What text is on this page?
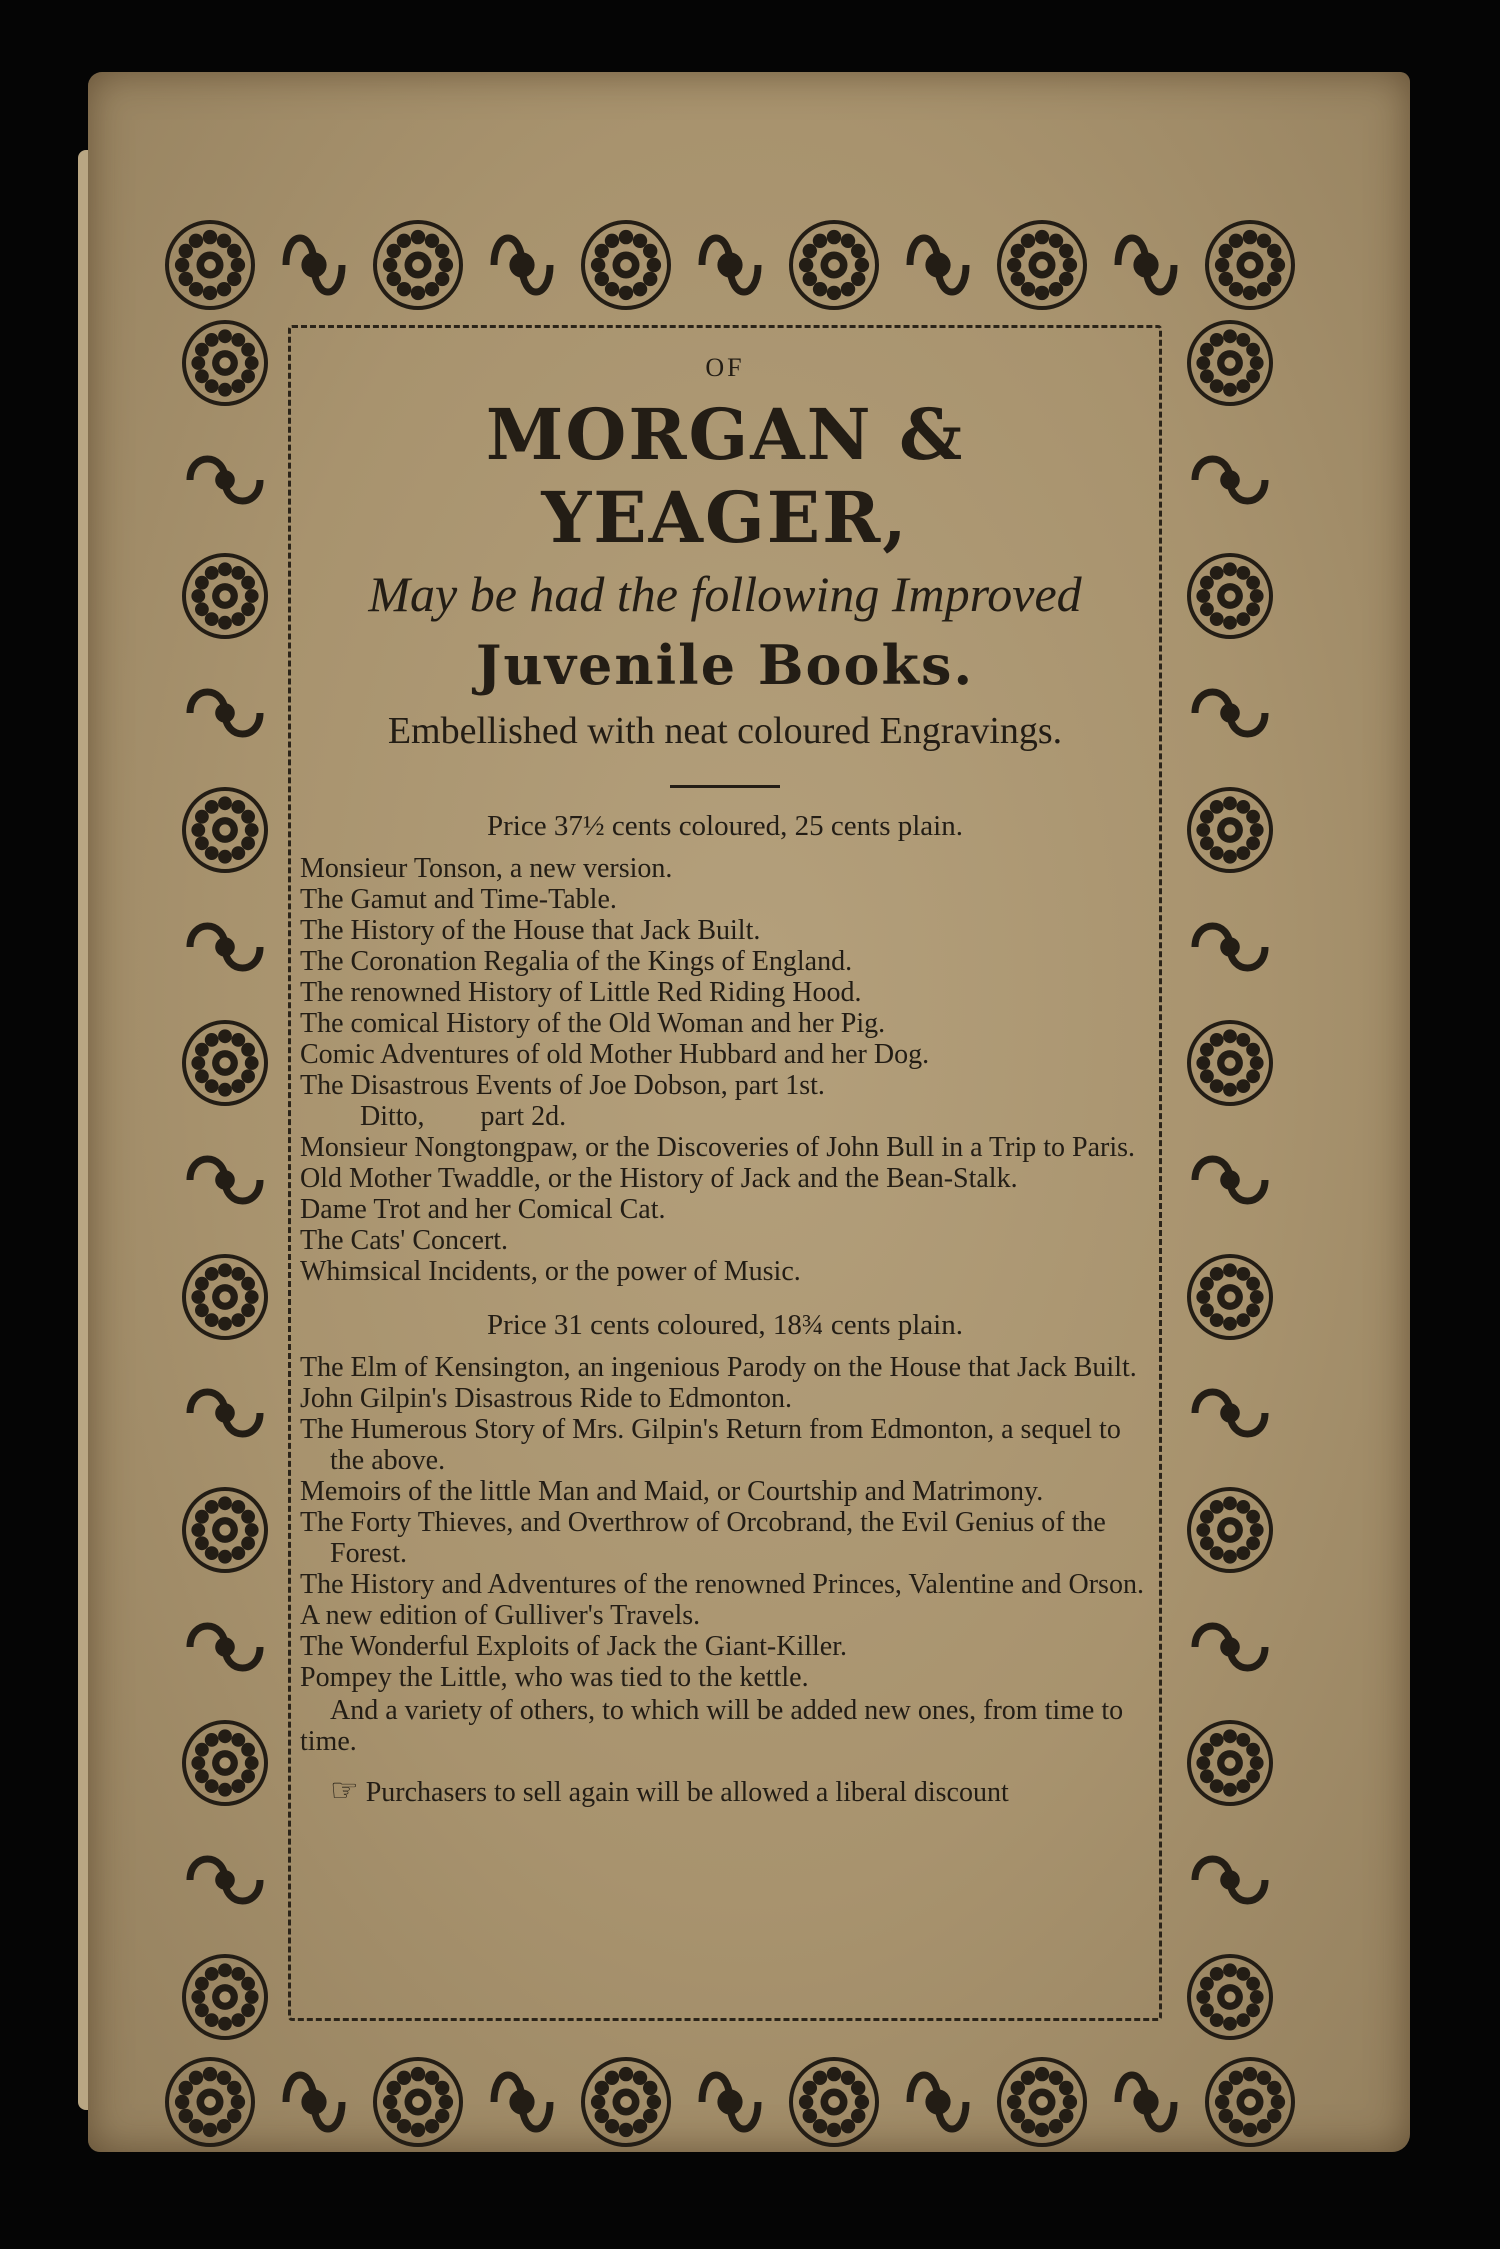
OF
MORGAN & YEAGER,
May be had the following Improved
Juvenile Books.
Embellished with neat coloured Engravings.
Price 37½ cents coloured, 25 cents plain.
Monsieur Tonson, a new version.
The Gamut and Time-Table.
The History of the House that Jack Built.
The Coronation Regalia of the Kings of England.
The renowned History of Little Red Riding Hood.
The comical History of the Old Woman and her Pig.
Comic Adventures of old Mother Hubbard and her Dog.
The Disastrous Events of Joe Dobson, part 1st.
Ditto,        part 2d.
Monsieur Nongtongpaw, or the Discoveries of John Bull in a Trip to Paris.
Old Mother Twaddle, or the History of Jack and the Bean-Stalk.
Dame Trot and her Comical Cat.
The Cats' Concert.
Whimsical Incidents, or the power of Music.
Price 31 cents coloured, 18¾ cents plain.
The Elm of Kensington, an ingenious Parody on the House that Jack Built.
John Gilpin's Disastrous Ride to Edmonton.
The Humerous Story of Mrs. Gilpin's Return from Edmonton, a sequel to the above.
Memoirs of the little Man and Maid, or Courtship and Matrimony.
The Forty Thieves, and Overthrow of Orcobrand, the Evil Genius of the Forest.
The History and Adventures of the renowned Princes, Valentine and Orson.
A new edition of Gulliver's Travels.
The Wonderful Exploits of Jack the Giant-Killer.
Pompey the Little, who was tied to the kettle.
And a variety of others, to which will be added new ones, from time to time.
☞ Purchasers to sell again will be allowed a liberal discount
